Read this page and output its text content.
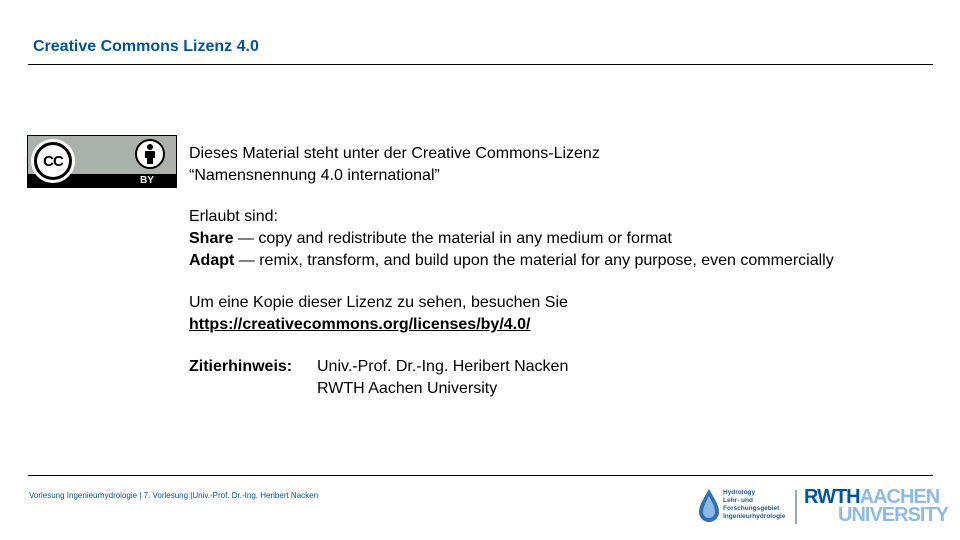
Creative Commons Lizenz 4.0
CC
BY
Dieses Material steht unter der Creative Commons-Lizenz
“Namensnennung 4.0 international”
Erlaubt sind:
Share — copy and redistribute the material in any medium or format
Adapt — remix, transform, and build upon the material for any purpose, even commercially
Um eine Kopie dieser Lizenz zu sehen, besuchen Sie
https://creativecommons.org/licenses/by/4.0/
Zitierhinweis:	Univ.-Prof. Dr.-Ing. Heribert Nacken
RWTH Aachen University
Vorlesung Ingenieurhydrologie | 7. Vorlesung |Univ.-Prof. Dr.-Ing. Heribert Nacken	Hydrology
Lehr- und
Forschungsgebiet
Ingenieurhydrologie
RWTHAACHEN
UNIVERSITY
